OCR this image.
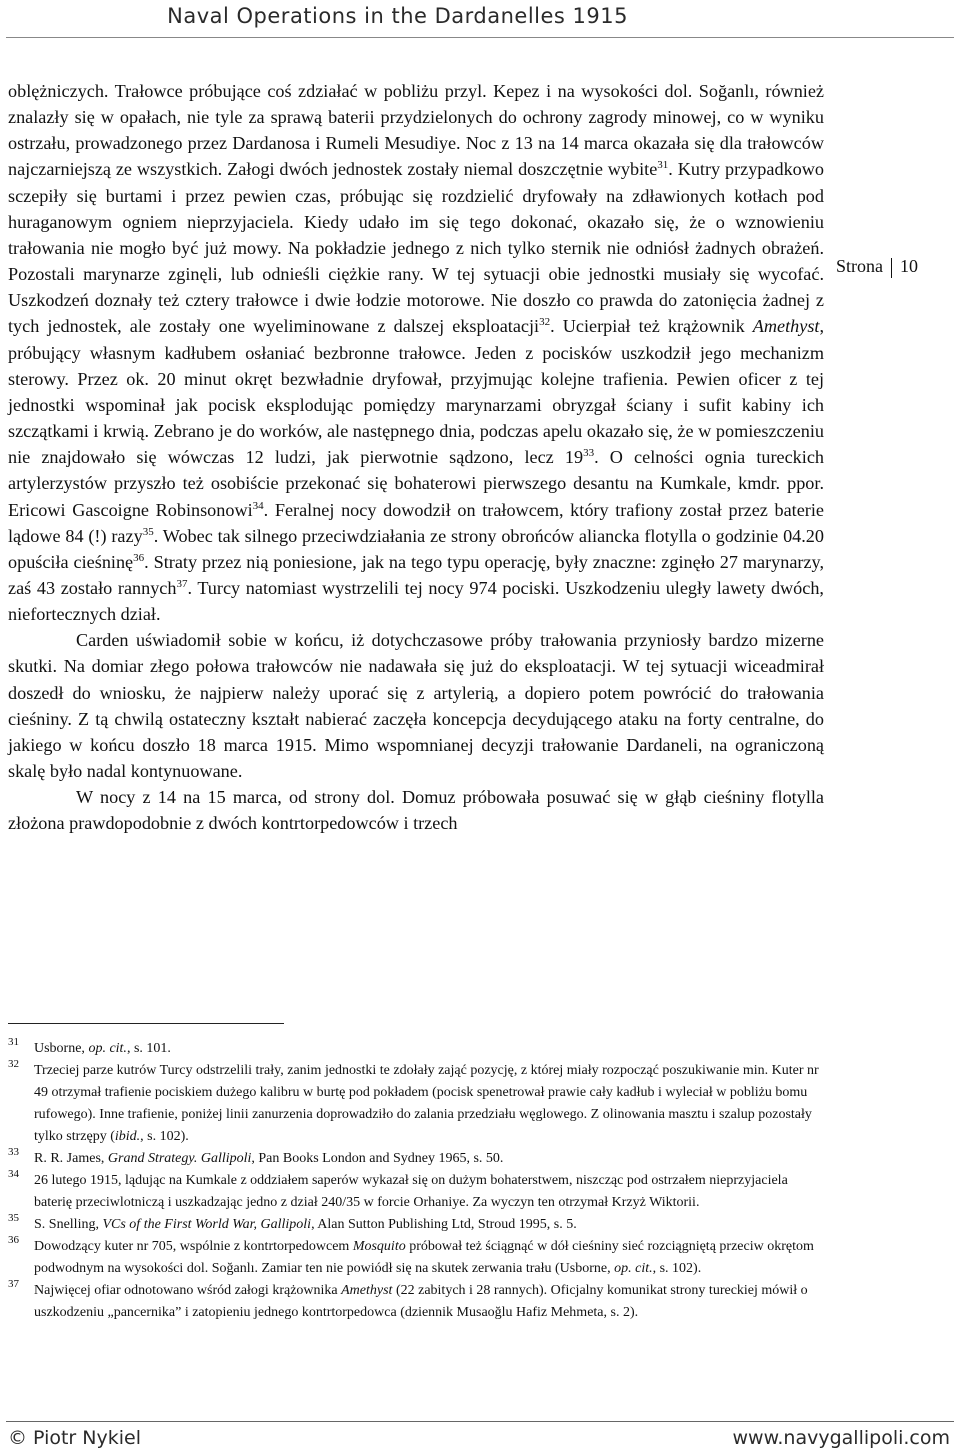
Naval Operations in the Dardanelles 1915
Strona 10

oblężniczych. Trałowce próbujące coś zdziałać w pobliżu przyl. Kepez i na wysokości dol. Soğanlı, również znalazły się w opałach, nie tyle za sprawą baterii przydzielonych do ochrony zagrody minowej, co w wyniku ostrzału, prowadzonego przez Dardanosa i Rumeli Mesudiye. Noc z 13 na 14 marca okazała się dla trałowców najczarniejszą ze wszystkich. Załogi dwóch jednostek zostały niemal doszczętnie wybite$^{31}$. Kutry przypadkowo sczepiły się burtami i przez pewien czas, próbując się rozdzielić dryfowały na zdławionych kotłach pod huraganowym ogniem nieprzyjaciela. Kiedy udało im się tego dokonać, okazało się, że o wznowieniu trałowania nie mogło być już mowy. Na pokładzie jednego z nich tylko sternik nie odniósł żadnych obrażeń. Pozostali marynarze zginęli, lub odnieśli ciężkie rany. W tej sytuacji obie jednostki musiały się wycofać. Uszkodzeń doznały też cztery trałowce i dwie łodzie motorowe. Nie doszło co prawda do zatonięcia żadnej z tych jednostek, ale zostały one wyeliminowane z dalszej eksploatacji$^{32}$. Ucierpiał też krążownik Amethyst, próbujący własnym kadłubem osłaniać bezbronne trałowce. Jeden z pocisków uszkodził jego mechanizm sterowy. Przez ok. 20 minut okręt bezwładnie dryfował, przyjmując kolejne trafienia. Pewien oficer z tej jednostki wspominał jak pocisk eksplodując pomiędzy marynarzami obryzgał ściany i sufit kabiny ich szczątkami i krwią. Zebrano je do worków, ale następnego dnia, podczas apelu okazało się, że w pomieszczeniu nie znajdowało się wówczas 12 ludzi, jak pierwotnie sądzono, lecz $19^{33}$. O celności ognia tureckich artylerzystów przyszło też osobiście przekonać się bohaterowi pierwszego desantu na Kumkale, kmdr. ppor. Ericowi Gascoigne Robinsonowi$^{34}$. Feralnej nocy dowodził on trałowcem, który trafiony został przez baterie lądowe 84 (!) razy$^{35}$. Wobec tak silnego przeciwdziałania ze strony obrońców aliancka flotylla o godzinie 04.20 opuściła cieśninę$^{36}$. Straty przez nią poniesione, jak na tego typu operację, były znaczne: zginęło 27 marynarzy, zaś 43 zostało rannych$^{37}$. Turcy natomiast wystrzelili tej nocy 974 pociski. Uszkodzeniu uległy lawety dwóch, niefortecznych dział.

Carden uświadomił sobie w końcu, iż dotychczasowe próby trałowania przyniosły bardzo mizerne skutki. Na domiar złego połowa trałowców nie nadawała się już do eksploatacji. W tej sytuacji wiceadmirał doszedł do wniosku, że najpierw należy uporać się z artylerią, a dopiero potem powrócić do trałowania cieśniny. Z tą chwilą ostateczny kształt nabierać zaczęła koncepcja decydującego ataku na forty centralne, do jakiego w końcu doszło 18 marca 1915. Mimo wspomnianej decyzji trałowanie Dardaneli, na ograniczoną skalę było nadal kontynuowane.

W nocy z 14 na 15 marca, od strony dol. Domuz próbowała posuwać się w głąb cieśniny flotylla złożona prawdopodobnie z dwóch kontrtorpedowców i trzech

31 Usborne, op. cit., s. 101.
32 Trzeciej parze kutrów Turcy odstrzelili trały, zanim jednostki te zdołały zająć pozycję, z której miały rozpocząć poszukiwanie min. Kuter nr 49 otrzymał trafienie pociskiem dużego kalibru w burtę pod pokładem (pocisk spenetrował prawie cały kadłub i wyleciał w pobliżu bomu rufowego). Inne trafienie, poniżej linii zanurzenia doprowadziło do zalania przedziału węglowego. Z olinowania masztu i szalup pozostały tylko strzępy (ibid., s. 102).
33 R. R. James, Grand Strategy. Gallipoli, Pan Books London and Sydney 1965, s. 50.
34 26 lutego 1915, lądując na Kumkale z oddziałem saperów wykazał się on dużym bohaterstwem, niszcząc pod ostrzałem nieprzyjaciela baterię przeciwlotniczą i uszkadzając jedno z dział 240/35 w forcie Orhaniye. Za wyczyn ten otrzymał Krzyż Wiktorii.
35 S. Snelling, VCs of the First World War, Gallipoli, Alan Sutton Publishing Ltd, Stroud 1995, s. 5.
36 Dowodzący kuter nr 705, wspólnie z kontrtorpedowcem Mosquito próbował też ściągnąć w dół cieśniny sieć rozciągniętą przeciw okrętom podwodnym na wysokości dol. Soğanlı. Zamiar ten nie powiódł się na skutek zerwania trału (Usborne, op. cit., s. 102).
37 Najwięcej ofiar odnotowano wśród załogi krążownika Amethyst (22 zabitych i 28 rannych). Oficjalny komunikat strony tureckiej mówił o uszkodzeniu „pancernika” i zatopieniu jednego kontrtorpedowca (dziennik Musaoğlu Hafiz Mehmeta, s. 2).
© Piotr Nykiel	www.navygallipoli.com
